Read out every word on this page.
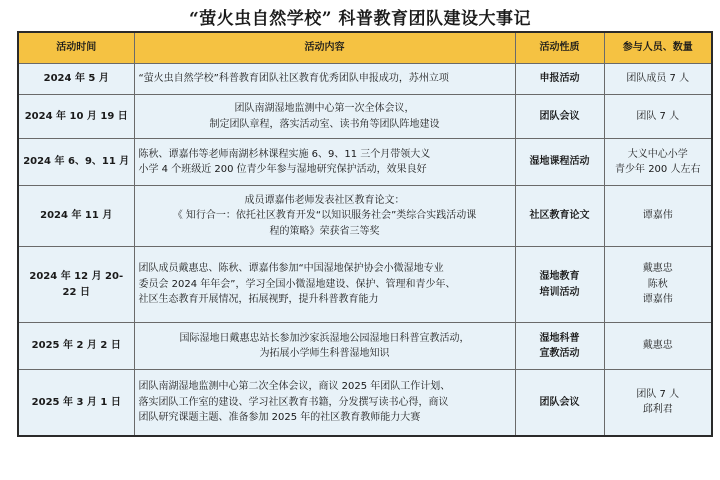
“萤火虫自然学校” 科普教育团队建设大事记
活动时间	活动内容	活动性质	参与人员、数量
2024 年 5 月	“萤火虫自然学校”科普教育团队社区教育优秀团队申报成功，苏州立项	申报活动	团队成员 7 人

2024 年 10 月 19 日	团队南湖湿地监测中心第一次全体会议，
制定团队章程，落实活动室、读书角等团队阵地建设	团队会议	团队 7 人

2024 年 6、9、11 月	陈秋、谭嘉伟等老师南湖杉林课程实施 6、9、11 三个月带领大义
小学 4 个班级近 200 位青少年参与湿地研究保护活动，效果良好	湿地课程活动	大义中心小学
青少年 200 人左右

2024 年 11 月	成员谭嘉伟老师发表社区教育论文：
《 知行合一：依托社区教育开发“以知识服务社会”类综合实践活动课
程的策略》荣获省三等奖	社区教育论文	谭嘉伟

2024 年 12 月 20-22 日	团队成员戴惠忠、陈秋、谭嘉伟参加“中国湿地保护协会小微湿地专业
委员会 2024 年年会”，学习全国小微湿地建设、保护、管理和青少年、
社区生态教育开展情况，拓展视野，提升科普教育能力	湿地教育
培训活动	戴惠忠
陈秋
谭嘉伟

2025 年 2 月 2 日	国际湿地日戴惠忠站长参加沙家浜湿地公园湿地日科普宣教活动，
为拓展小学师生科普湿地知识	湿地科普
宣教活动	戴惠忠

2025 年 3 月 1 日	团队南湖湿地监测中心第二次全体会议，商议 2025 年团队工作计划、
落实团队工作室的建设、学习社区教育书籍，分发撰写读书心得，商议
团队研究课题主题、准备参加 2025 年的社区教育教师能力大赛	团队会议	团队 7 人
邱利君
